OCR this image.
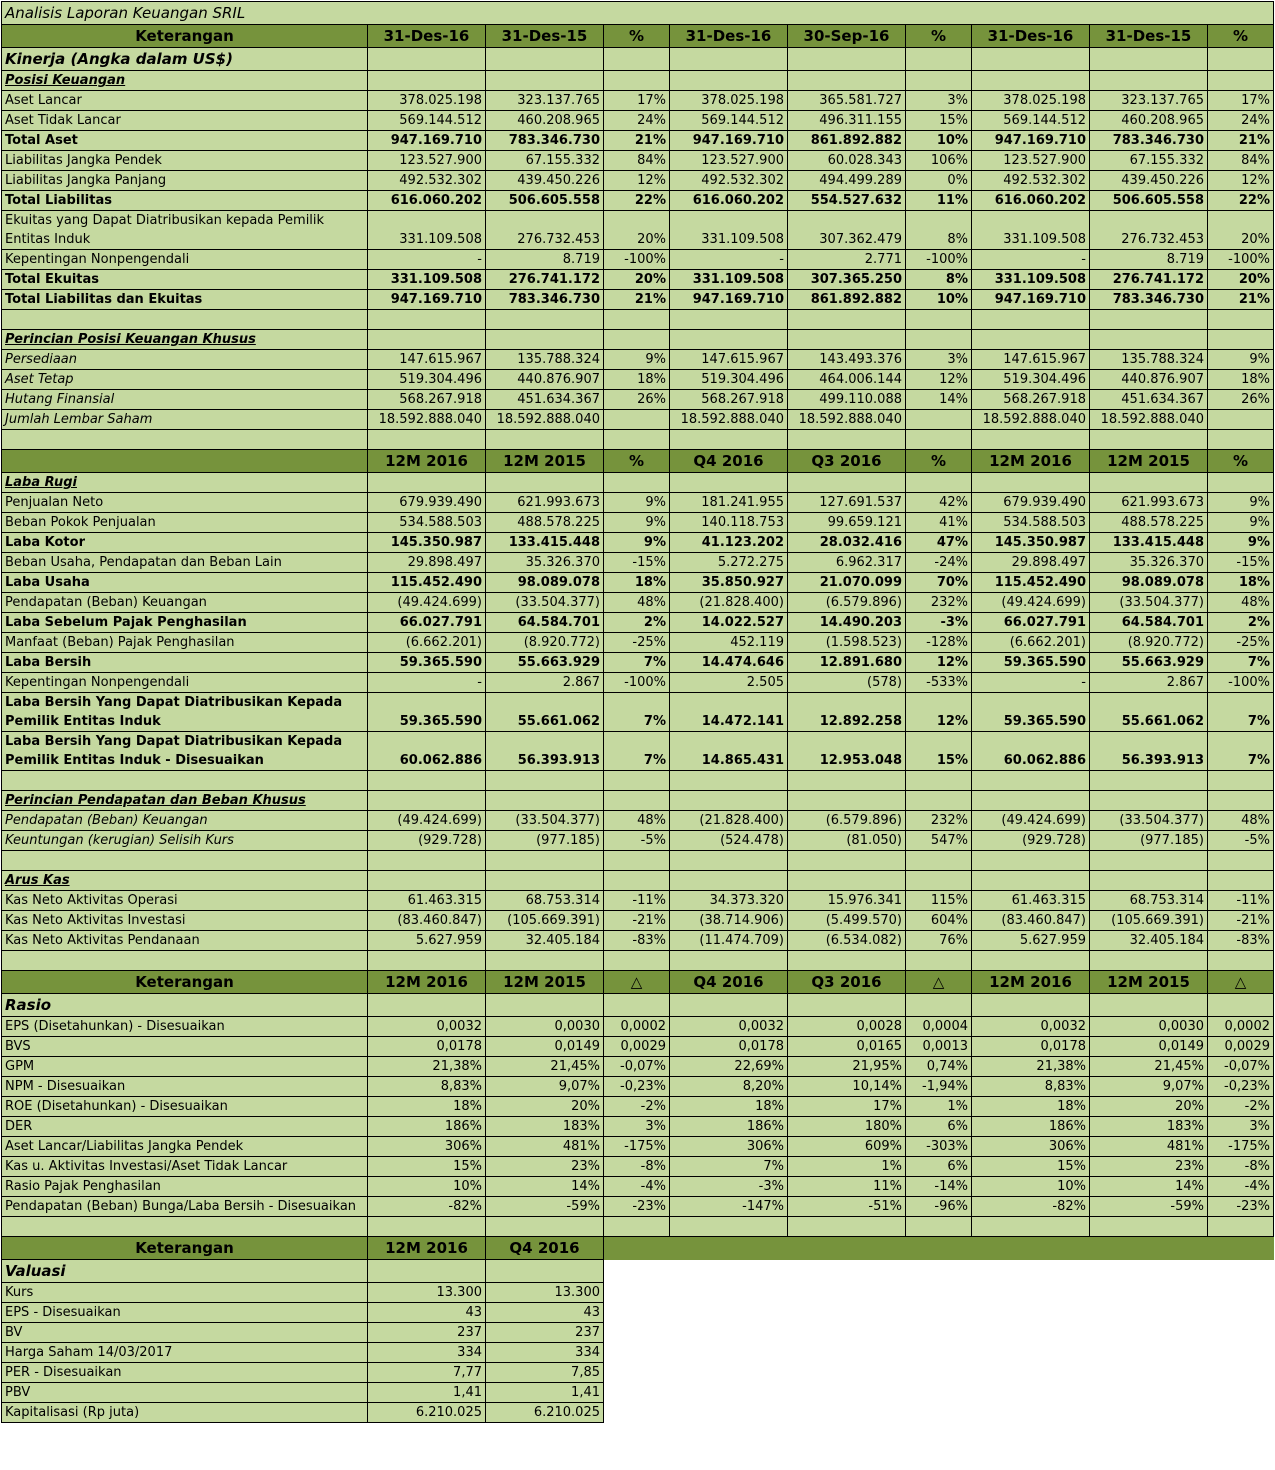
Analisis Laporan Keuangan SRIL									
Keterangan	31-Des-16	31-Des-15	%	31-Des-16	30-Sep-16	%	31-Des-16	31-Des-15	%
Kinerja (Angka dalam US$)									
Posisi Keuangan									
Aset Lancar	378.025.198	323.137.765	17%	378.025.198	365.581.727	3%	378.025.198	323.137.765	17%
Aset Tidak Lancar	569.144.512	460.208.965	24%	569.144.512	496.311.155	15%	569.144.512	460.208.965	24%
Total Aset	947.169.710	783.346.730	21%	947.169.710	861.892.882	10%	947.169.710	783.346.730	21%
Liabilitas Jangka Pendek	123.527.900	67.155.332	84%	123.527.900	60.028.343	106%	123.527.900	67.155.332	84%
Liabilitas Jangka Panjang	492.532.302	439.450.226	12%	492.532.302	494.499.289	0%	492.532.302	439.450.226	12%
Total Liabilitas	616.060.202	506.605.558	22%	616.060.202	554.527.632	11%	616.060.202	506.605.558	22%
Ekuitas yang Dapat Diatribusikan kepada Pemilik Entitas Induk	331.109.508	276.732.453	20%	331.109.508	307.362.479	8%	331.109.508	276.732.453	20%
Kepentingan Nonpengendali	-	8.719	-100%	-	2.771	-100%	-	8.719	-100%
Total Ekuitas	331.109.508	276.741.172	20%	331.109.508	307.365.250	8%	331.109.508	276.741.172	20%
Total Liabilitas dan Ekuitas	947.169.710	783.346.730	21%	947.169.710	861.892.882	10%	947.169.710	783.346.730	21%

Perincian Posisi Keuangan Khusus									
Persediaan	147.615.967	135.788.324	9%	147.615.967	143.493.376	3%	147.615.967	135.788.324	9%
Aset Tetap	519.304.496	440.876.907	18%	519.304.496	464.006.144	12%	519.304.496	440.876.907	18%
Hutang Finansial	568.267.918	451.634.367	26%	568.267.918	499.110.088	14%	568.267.918	451.634.367	26%
Jumlah Lembar Saham	18.592.888.040	18.592.888.040		18.592.888.040	18.592.888.040		18.592.888.040	18.592.888.040	

	12M 2016	12M 2015	%	Q4 2016	Q3 2016	%	12M 2016	12M 2015	%
Laba Rugi									
Penjualan Neto	679.939.490	621.993.673	9%	181.241.955	127.691.537	42%	679.939.490	621.993.673	9%
Beban Pokok Penjualan	534.588.503	488.578.225	9%	140.118.753	99.659.121	41%	534.588.503	488.578.225	9%
Laba Kotor	145.350.987	133.415.448	9%	41.123.202	28.032.416	47%	145.350.987	133.415.448	9%
Beban Usaha, Pendapatan dan Beban Lain	29.898.497	35.326.370	-15%	5.272.275	6.962.317	-24%	29.898.497	35.326.370	-15%
Laba Usaha	115.452.490	98.089.078	18%	35.850.927	21.070.099	70%	115.452.490	98.089.078	18%
Pendapatan (Beban) Keuangan	(49.424.699)	(33.504.377)	48%	(21.828.400)	(6.579.896)	232%	(49.424.699)	(33.504.377)	48%
Laba Sebelum Pajak Penghasilan	66.027.791	64.584.701	2%	14.022.527	14.490.203	-3%	66.027.791	64.584.701	2%
Manfaat (Beban) Pajak Penghasilan	(6.662.201)	(8.920.772)	-25%	452.119	(1.598.523)	-128%	(6.662.201)	(8.920.772)	-25%
Laba Bersih	59.365.590	55.663.929	7%	14.474.646	12.891.680	12%	59.365.590	55.663.929	7%
Kepentingan Nonpengendali	-	2.867	-100%	2.505	(578)	-533%	-	2.867	-100%
Laba Bersih Yang Dapat Diatribusikan Kepada Pemilik Entitas Induk	59.365.590	55.661.062	7%	14.472.141	12.892.258	12%	59.365.590	55.661.062	7%
Laba Bersih Yang Dapat Diatribusikan Kepada Pemilik Entitas Induk - Disesuaikan	60.062.886	56.393.913	7%	14.865.431	12.953.048	15%	60.062.886	56.393.913	7%

Perincian Pendapatan dan Beban Khusus									
Pendapatan (Beban) Keuangan	(49.424.699)	(33.504.377)	48%	(21.828.400)	(6.579.896)	232%	(49.424.699)	(33.504.377)	48%
Keuntungan (kerugian) Selisih Kurs	(929.728)	(977.185)	-5%	(524.478)	(81.050)	547%	(929.728)	(977.185)	-5%

Arus Kas									
Kas Neto Aktivitas Operasi	61.463.315	68.753.314	-11%	34.373.320	15.976.341	115%	61.463.315	68.753.314	-11%
Kas Neto Aktivitas Investasi	(83.460.847)	(105.669.391)	-21%	(38.714.906)	(5.499.570)	604%	(83.460.847)	(105.669.391)	-21%
Kas Neto Aktivitas Pendanaan	5.627.959	32.405.184	-83%	(11.474.709)	(6.534.082)	76%	5.627.959	32.405.184	-83%

Keterangan	12M 2016	12M 2015	△	Q4 2016	Q3 2016	△	12M 2016	12M 2015	△
Rasio									
EPS (Disetahunkan) - Disesuaikan	0,0032	0,0030	0,0002	0,0032	0,0028	0,0004	0,0032	0,0030	0,0002
BVS	0,0178	0,0149	0,0029	0,0178	0,0165	0,0013	0,0178	0,0149	0,0029
GPM	21,38%	21,45%	-0,07%	22,69%	21,95%	0,74%	21,38%	21,45%	-0,07%
NPM - Disesuaikan	8,83%	9,07%	-0,23%	8,20%	10,14%	-1,94%	8,83%	9,07%	-0,23%
ROE (Disetahunkan) - Disesuaikan	18%	20%	-2%	18%	17%	1%	18%	20%	-2%
DER	186%	183%	3%	186%	180%	6%	186%	183%	3%
Aset Lancar/Liabilitas Jangka Pendek	306%	481%	-175%	306%	609%	-303%	306%	481%	-175%
Kas u. Aktivitas Investasi/Aset Tidak Lancar	15%	23%	-8%	7%	1%	6%	15%	23%	-8%
Rasio Pajak Penghasilan	10%	14%	-4%	-3%	11%	-14%	10%	14%	-4%
Pendapatan (Beban) Bunga/Laba Bersih - Disesuaikan	-82%	-59%	-23%	-147%	-51%	-96%	-82%	-59%	-23%

Keterangan	12M 2016	Q4 2016							
Valuasi									
Kurs	13.300	13.300							
EPS - Disesuaikan	43	43							
BV	237	237							
Harga Saham 14/03/2017	334	334							
PER - Disesuaikan	7,77	7,85							
PBV	1,41	1,41							
Kapitalisasi (Rp juta)	6.210.025	6.210.025							
